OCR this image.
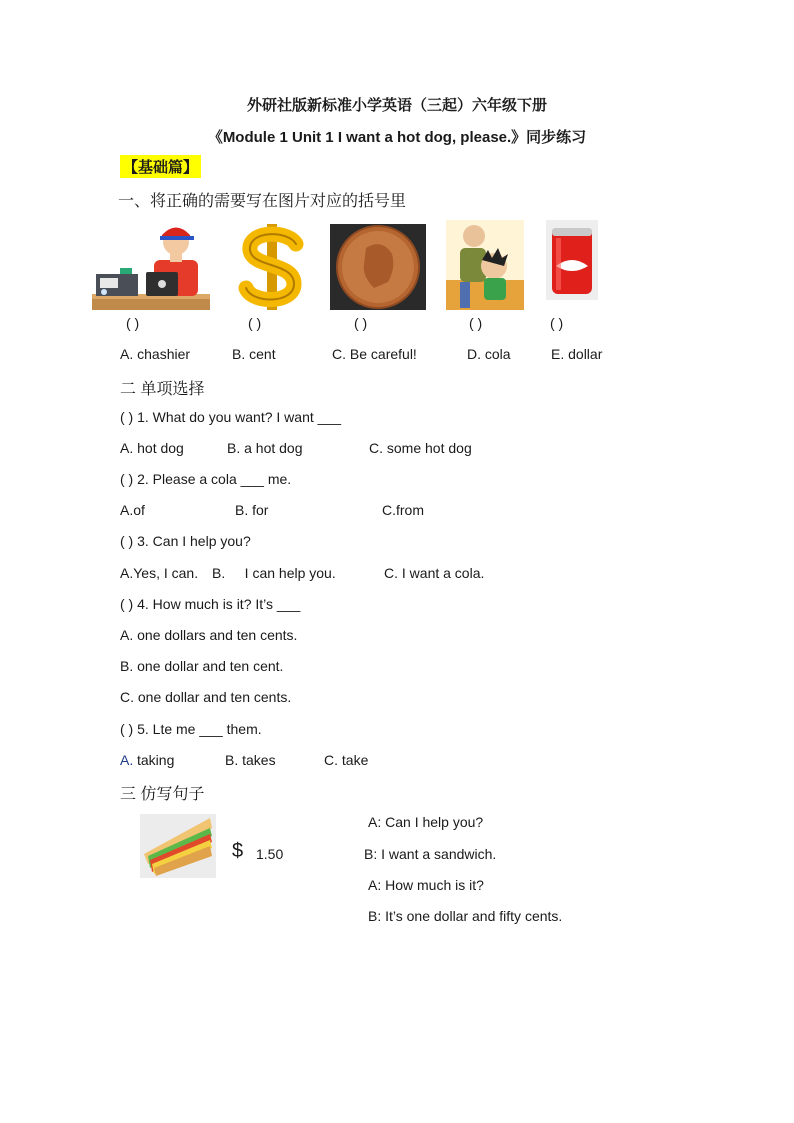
外研社版新标准小学英语（三起）六年级下册
《Module 1 Unit 1 I want a hot dog, please.》同步练习
【基础篇】
一、将正确的需要写在图片对应的括号里
( )	( )	( )	( )	( )
A. chashier	B. cent	C. Be careful!	D. cola	E. dollar
二 单项选择
( ) 1. What do you want? I want ___
A. hot dog	B. a hot dog	C. some hot dog
( ) 2. Please a cola ___ me.
A.of	B. for	C.from
( ) 3. Can I help you?
A.Yes, I can. B.     I can help you.	C. I want a cola.
( ) 4. How much is it? It’s ___
A. one dollars and ten cents.
B. one dollar and ten cent.
C. one dollar and ten cents.
( ) 5. Lte me ___ them.
A. taking	B. takes	C. take
三 仿写句子
$ 1.50
A: Can I help you?
B: I want a sandwich.
A: How much is it?
B: It’s one dollar and fifty cents.
